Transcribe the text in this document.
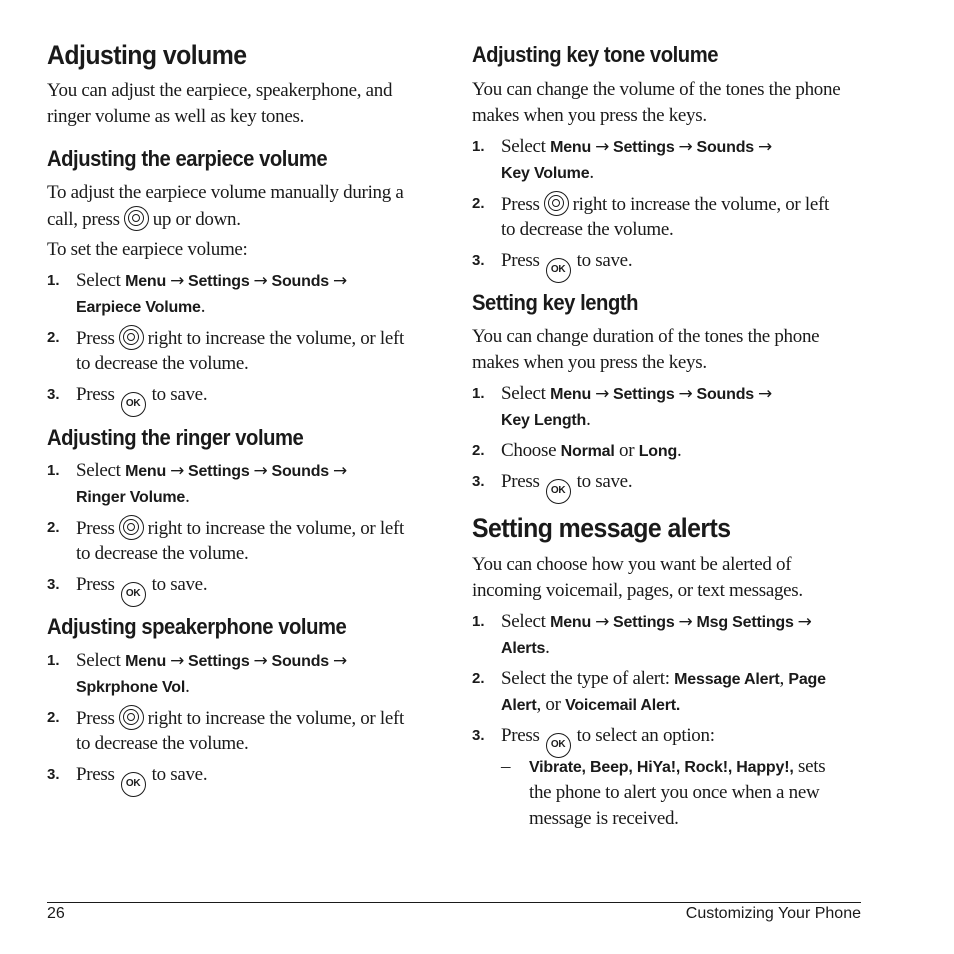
Adjusting volume

You can adjust the earpiece, speakerphone, and

ringer volume as well as key tones.

Adjusting the earpiece volume

To adjust the earpiece volume manually during a

call, press up or down.

To set the earpiece volume:

1. Select Menu → Settings → Sounds →

Earpiece Volume.

2. Press right to increase the volume, or left

to decrease the volume.

3. Press OK to save.

Adjusting the ringer volume
1. Select Menu → Settings → Sounds →

Ringer Volume.

2. Press right to increase the volume, or left

to decrease the volume.

3. Press OK to save.

Adjusting speakerphone volume
1. Select Menu → Settings → Sounds →

Spkrphone Vol.

2. Press right to increase the volume, or left

to decrease the volume.

3. Press OK to save.

Adjusting key tone volume

You can change the volume of the tones the phone

makes when you press the keys.

1. Select Menu → Settings → Sounds →

Key Volume.

2. Press right to increase the volume, or left

to decrease the volume.

3. Press OK to save.

Setting key length

You can change duration of the tones the phone

makes when you press the keys.

1. Select Menu → Settings → Sounds →

Key Length.

2. Choose Normal or Long.

3. Press OK to save.

Setting message alerts

You can choose how you want be alerted of

incoming voicemail, pages, or text messages.

1. Select Menu → Settings → Msg Settings →

Alerts.

2. Select the type of alert: Message Alert, Page

Alert, or Voicemail Alert.

3. Press OK to select an option:

– Vibrate, Beep, HiYa!, Rock!, Happy!, sets

the phone to alert you once when a new

message is received.

26	Customizing Your Phone
